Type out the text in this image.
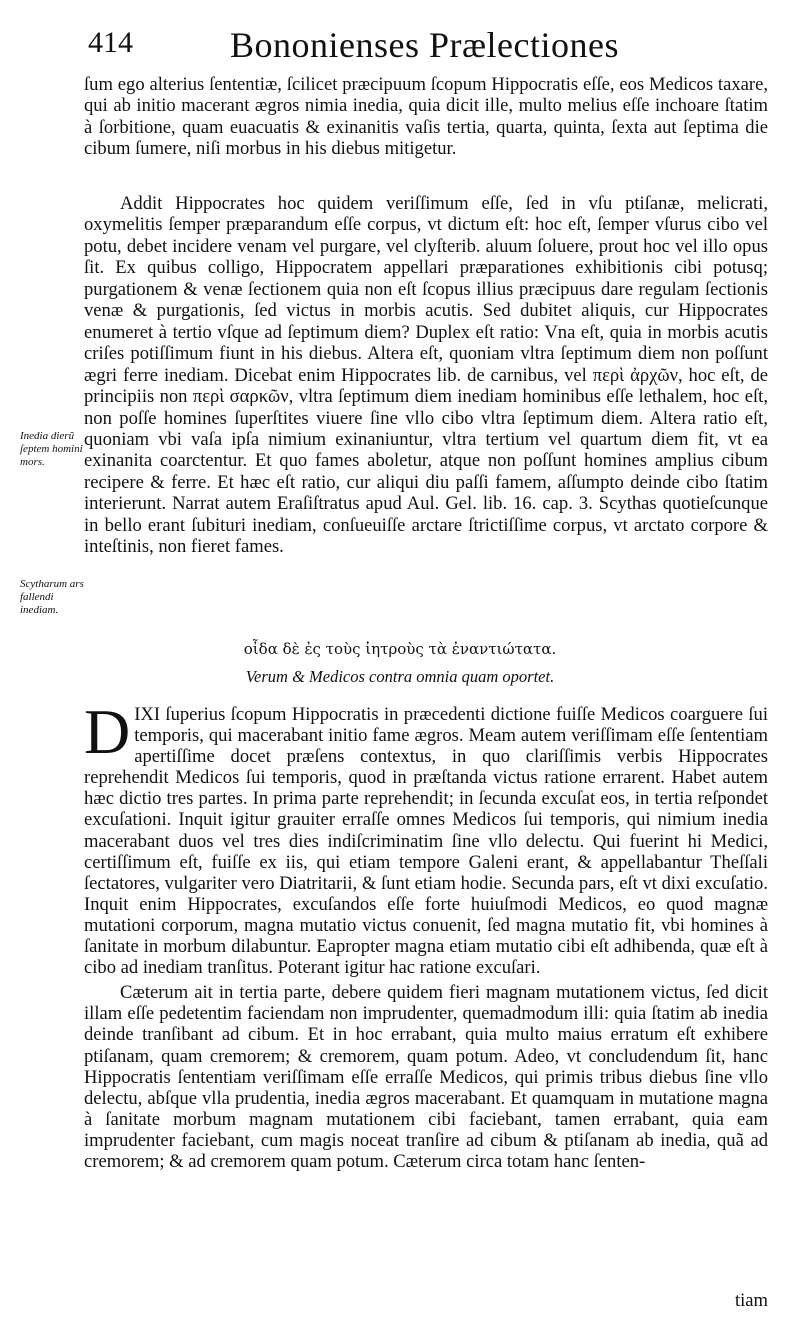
414	Bononienses Prælectiones

ſum ego alterius ſententiæ, ſcilicet præcipuum ſcopum Hippocratis eſſe, eos Medicos taxare, qui ab initio macerant ægros nimia inedia, quia dicit ille, multo melius eſſe inchoare ſtatim à ſorbitione, quam euacuatis & exinanitis vaſis tertia, quarta, quinta, ſexta aut ſeptima die cibum ſumere, niſi morbus in his diebus mitigetur.

Addit Hippocrates hoc quidem veriſſimum eſſe, ſed in vſu ptiſanæ, melicrati, oxymelitis ſemper præparandum eſſe corpus, vt dictum eſt: hoc eſt, ſemper vſurus cibo vel potu, debet incidere venam vel purgare, vel clyſterib. aluum ſoluere, prout hoc vel illo opus ſit. Ex quibus colligo, Hippocratem appellari præparationes exhibitionis cibi potusq; purgationem & venæ ſectionem quia non eſt ſcopus illius præcipuus dare regulam ſectionis venæ & purgationis, ſed victus in morbis acutis. Sed dubitet aliquis, cur Hippocrates enumeret à tertio vſque ad ſeptimum diem? Duplex eſt ratio: Vna eſt, quia in morbis acutis criſes potiſſimum fiunt in his diebus. Altera eſt, quoniam vltra ſeptimum diem non poſſunt ægri ferre inediam. Dicebat enim Hippocrates lib. de carnibus, vel περὶ ἀρχῶν, hoc eſt, de principiis non περὶ σαρκῶν, vltra ſeptimum diem inediam hominibus eſſe lethalem, hoc eſt, non poſſe homines ſuperſtites viuere ſine vllo cibo vltra ſeptimum diem. Altera ratio eſt, quoniam vbi vaſa ipſa nimium exinaniuntur, vltra tertium vel quartum diem fit, vt ea exinanita coarctentur. Et quo fames aboletur, atque non poſſunt homines amplius cibum recipere & ferre. Et hæc eſt ratio, cur aliqui diu paſſi famem, aſſumpto deinde cibo ſtatim interierunt. Narrat autem Eraſiſtratus apud Aul. Gel. lib. 16. cap. 3. Scythas quotieſcunque in bello erant ſubituri inediam, conſueuiſſe arctare ſtrictiſſime corpus, vt arctato corpore & inteſtinis, non fieret fames.

Inedia dierũ ſeptem homini mors.
Scytharum ars fallendi inediam.
οἶδα δὲ ἐς τοὺς ἰητροὺς τὰ ἐναντιώτατα.
Verum & Medicos contra omnia quam oportet.
D IXI ſuperius ſcopum Hippocratis in præcedenti dictione fuiſſe Medicos coarguere ſui temporis, qui macerabant initio fame ægros. Meam autem veriſſimam eſſe ſententiam apertiſſime docet præſens contextus, in quo clariſſimis verbis Hippocrates reprehendit Medicos ſui temporis, quod in præſtanda victus ratione errarent. Habet autem hæc dictio tres partes. In prima parte reprehendit; in ſecunda excuſat eos, in tertia reſpondet excuſationi. Inquit igitur grauiter erraſſe omnes Medicos ſui temporis, qui nimium inedia macerabant duos vel tres dies indiſcriminatim ſine vllo delectu. Qui fuerint hi Medici, certiſſimum eſt, fuiſſe ex iis, qui etiam tempore Galeni erant, & appellabantur Theſſali ſectatores, vulgariter vero Diatritarii, & ſunt etiam hodie. Secunda pars, eſt vt dixi excuſatio. Inquit enim Hippocrates, excuſandos eſſe forte huiuſmodi Medicos, eo quod magnæ mutationi corporum, magna mutatio victus conuenit, ſed magna mutatio fit, vbi homines à ſanitate in morbum dilabuntur. Eapropter magna etiam mutatio cibi eſt adhibenda, quæ eſt à cibo ad inediam tranſitus. Poterant igitur hac ratione excuſari.

Cæterum ait in tertia parte, debere quidem fieri magnam mutationem victus, ſed dicit illam eſſe pedetentim faciendam non imprudenter, quemadmodum illi: quia ſtatim ab inedia deinde tranſibant ad cibum. Et in hoc errabant, quia multo maius erratum eſt exhibere ptiſanam, quam cremorem; & cremorem, quam potum. Adeo, vt concludendum ſit, hanc Hippocratis ſententiam veriſſimam eſſe erraſſe Medicos, qui primis tribus diebus ſine vllo delectu, abſque vlla prudentia, inedia ægros macerabant. Et quamquam in mutatione magna à ſanitate morbum magnam mutationem cibi faciebant, tamen errabant, quia eam imprudenter faciebant, cum magis noceat tranſire ad cibum & ptiſanam ab inedia, quã ad cremorem; & ad cremorem quam potum. Cæterum circa totam hanc ſenten-

tiam
